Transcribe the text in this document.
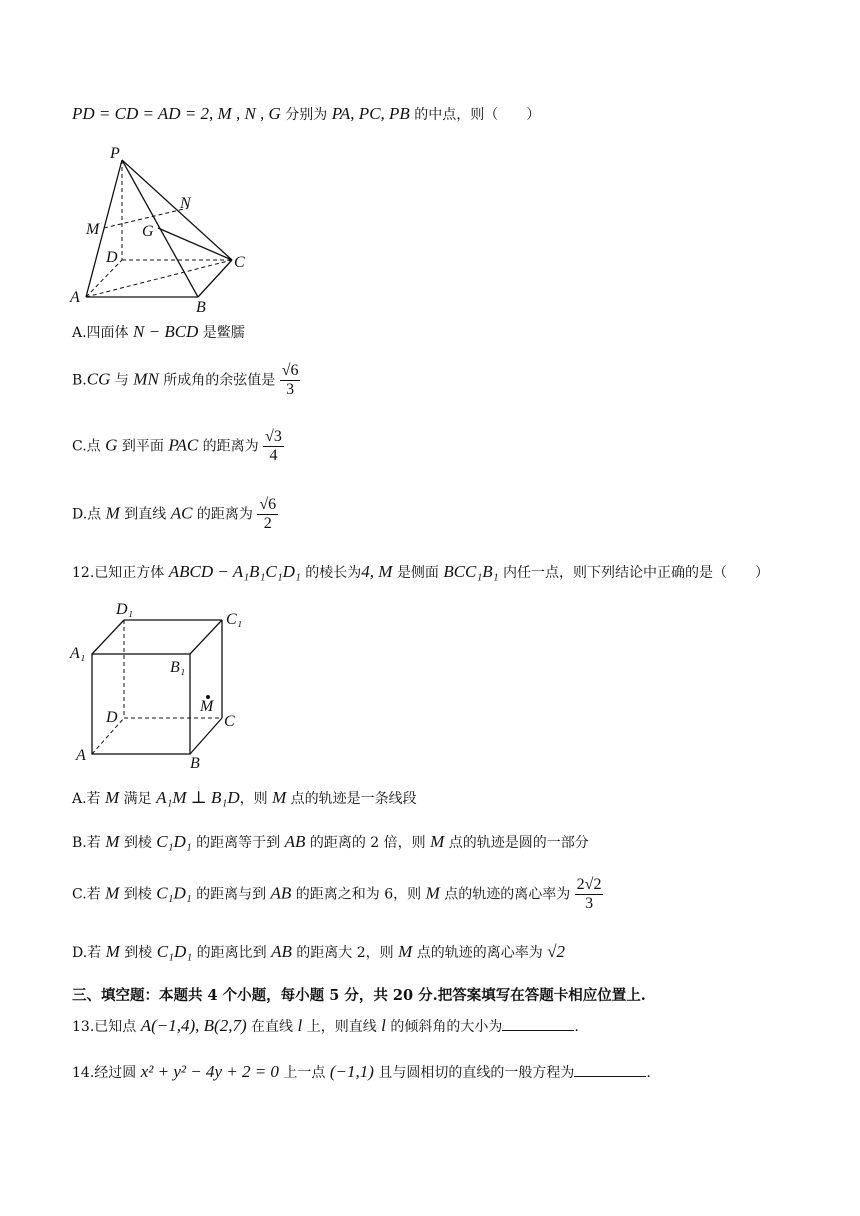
PD = CD = AD = 2, M , N , G 分别为 PA, PC, PB 的中点，则（　　）
P
N
M	G
D	C
A
B
A.四面体 N − BCD 是鳖臑
B.CG 与 MN 所成角的余弦值是 $\frac{√6}{3}$
C.点 G 到平面 PAC 的距离为 $\frac{√3}{4}$
D.点 M 到直线 AC 的距离为 $\frac{√6}{2}$
12.已知正方体 ABCD − A₁B₁C₁D₁ 的棱长为4, M 是侧面 BCC₁B₁ 内任一点，则下列结论中正确的是（　　）
D₁
C₁
A₁
B₁
M
D	C
A	B
A.若 M 满足 A₁M ⊥ B₁D，则 M 点的轨迹是一条线段
B.若 M 到棱 C₁D₁ 的距离等于到 AB 的距离的 2 倍，则 M 点的轨迹是圆的一部分
C.若 M 到棱 C₁D₁ 的距离与到 AB 的距离之和为 6，则 M 点的轨迹的离心率为 $\frac{2√2}{3}$
D.若 M 到棱 C₁D₁ 的距离比到 AB 的距离大 2，则 M 点的轨迹的离心率为 √2
三、填空题：本题共 4 个小题，每小题 5 分，共 20 分.把答案填写在答题卡相应位置上.
13.已知点 A(−1,4), B(2,7) 在直线 l 上，则直线 l 的倾斜角的大小为	.
14.经过圆 x² + y² − 4y + 2 = 0 上一点 (−1,1) 且与圆相切的直线的一般方程为	.
